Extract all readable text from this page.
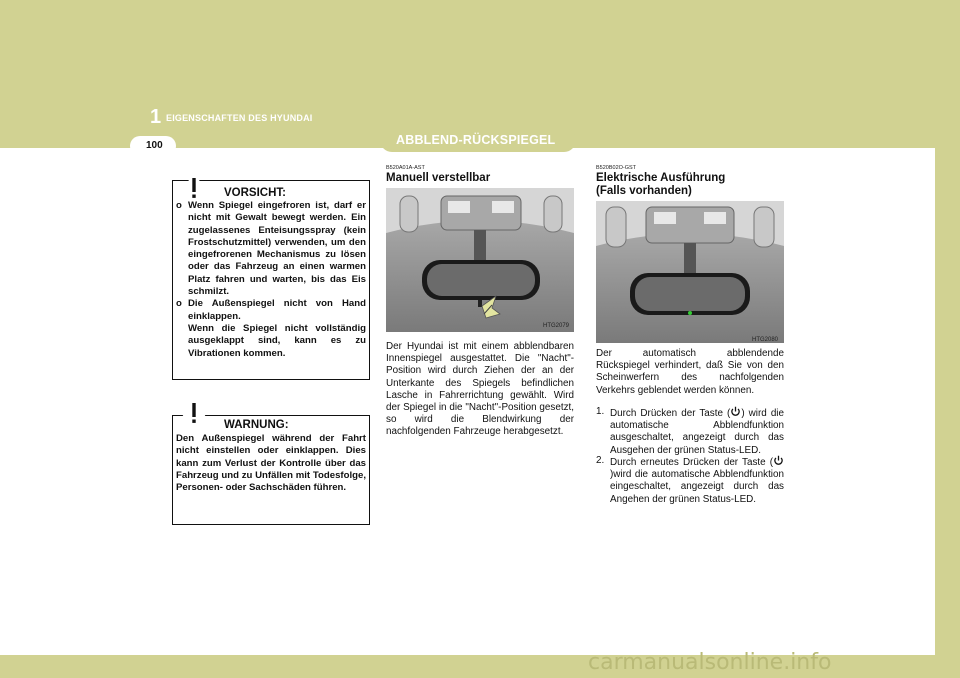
1 EIGENSCHAFTEN DES HYUNDAI
100	ABBLEND-RÜCKSPIEGEL
VORSICHT:
o Wenn Spiegel eingefroren ist, darf er nicht mit Gewalt bewegt werden. Ein zugelassenes Enteisungsspray (kein Frostschutzmittel) verwenden, um den eingefrorenen Mechanismus zu lösen oder das Fahrzeug an einen warmen Platz fahren und warten, bis das Eis schmilzt.
o Die Außenspiegel nicht von Hand einklappen.
Wenn die Spiegel nicht vollständig ausgeklappt sind, kann es zu Vibrationen kommen.
WARNUNG:
Den Außenspiegel während der Fahrt nicht einstellen oder einklappen. Dies kann zum Verlust der Kontrolle über das Fahrzeug und zu Unfällen mit Todesfolge, Personen- oder Sachschäden führen.
B520A01A-AST
Manuell verstellbar
HTG2079
Der Hyundai ist mit einem abblendbaren Innenspiegel ausgestattet. Die "Nacht"-Position wird durch Ziehen der an der Unterkante des Spiegels befindlichen Lasche in Fahrerrichtung gewählt. Wird der Spiegel in die "Nacht"-Position gesetzt, so wird die Blendwirkung der nachfolgenden Fahrzeuge herabgesetzt.
B520B02O-GST
Elektrische Ausführung
(Falls vorhanden)
HTG2080
Der automatisch abblendende Rückspiegel verhindert, daß Sie von den Scheinwerfern des nachfolgenden Verkehrs geblendet werden können.
1. Durch Drücken der Taste ( ) wird die automatische Abblendfunktion ausgeschaltet, angezeigt durch das Ausgehen der grünen Status-LED.
2. Durch erneutes Drücken der Taste ()wird die automatische Abblendfunktion eingeschaltet, angezeigt durch das Angehen der grünen Status-LED.
carmanualsonline.info
